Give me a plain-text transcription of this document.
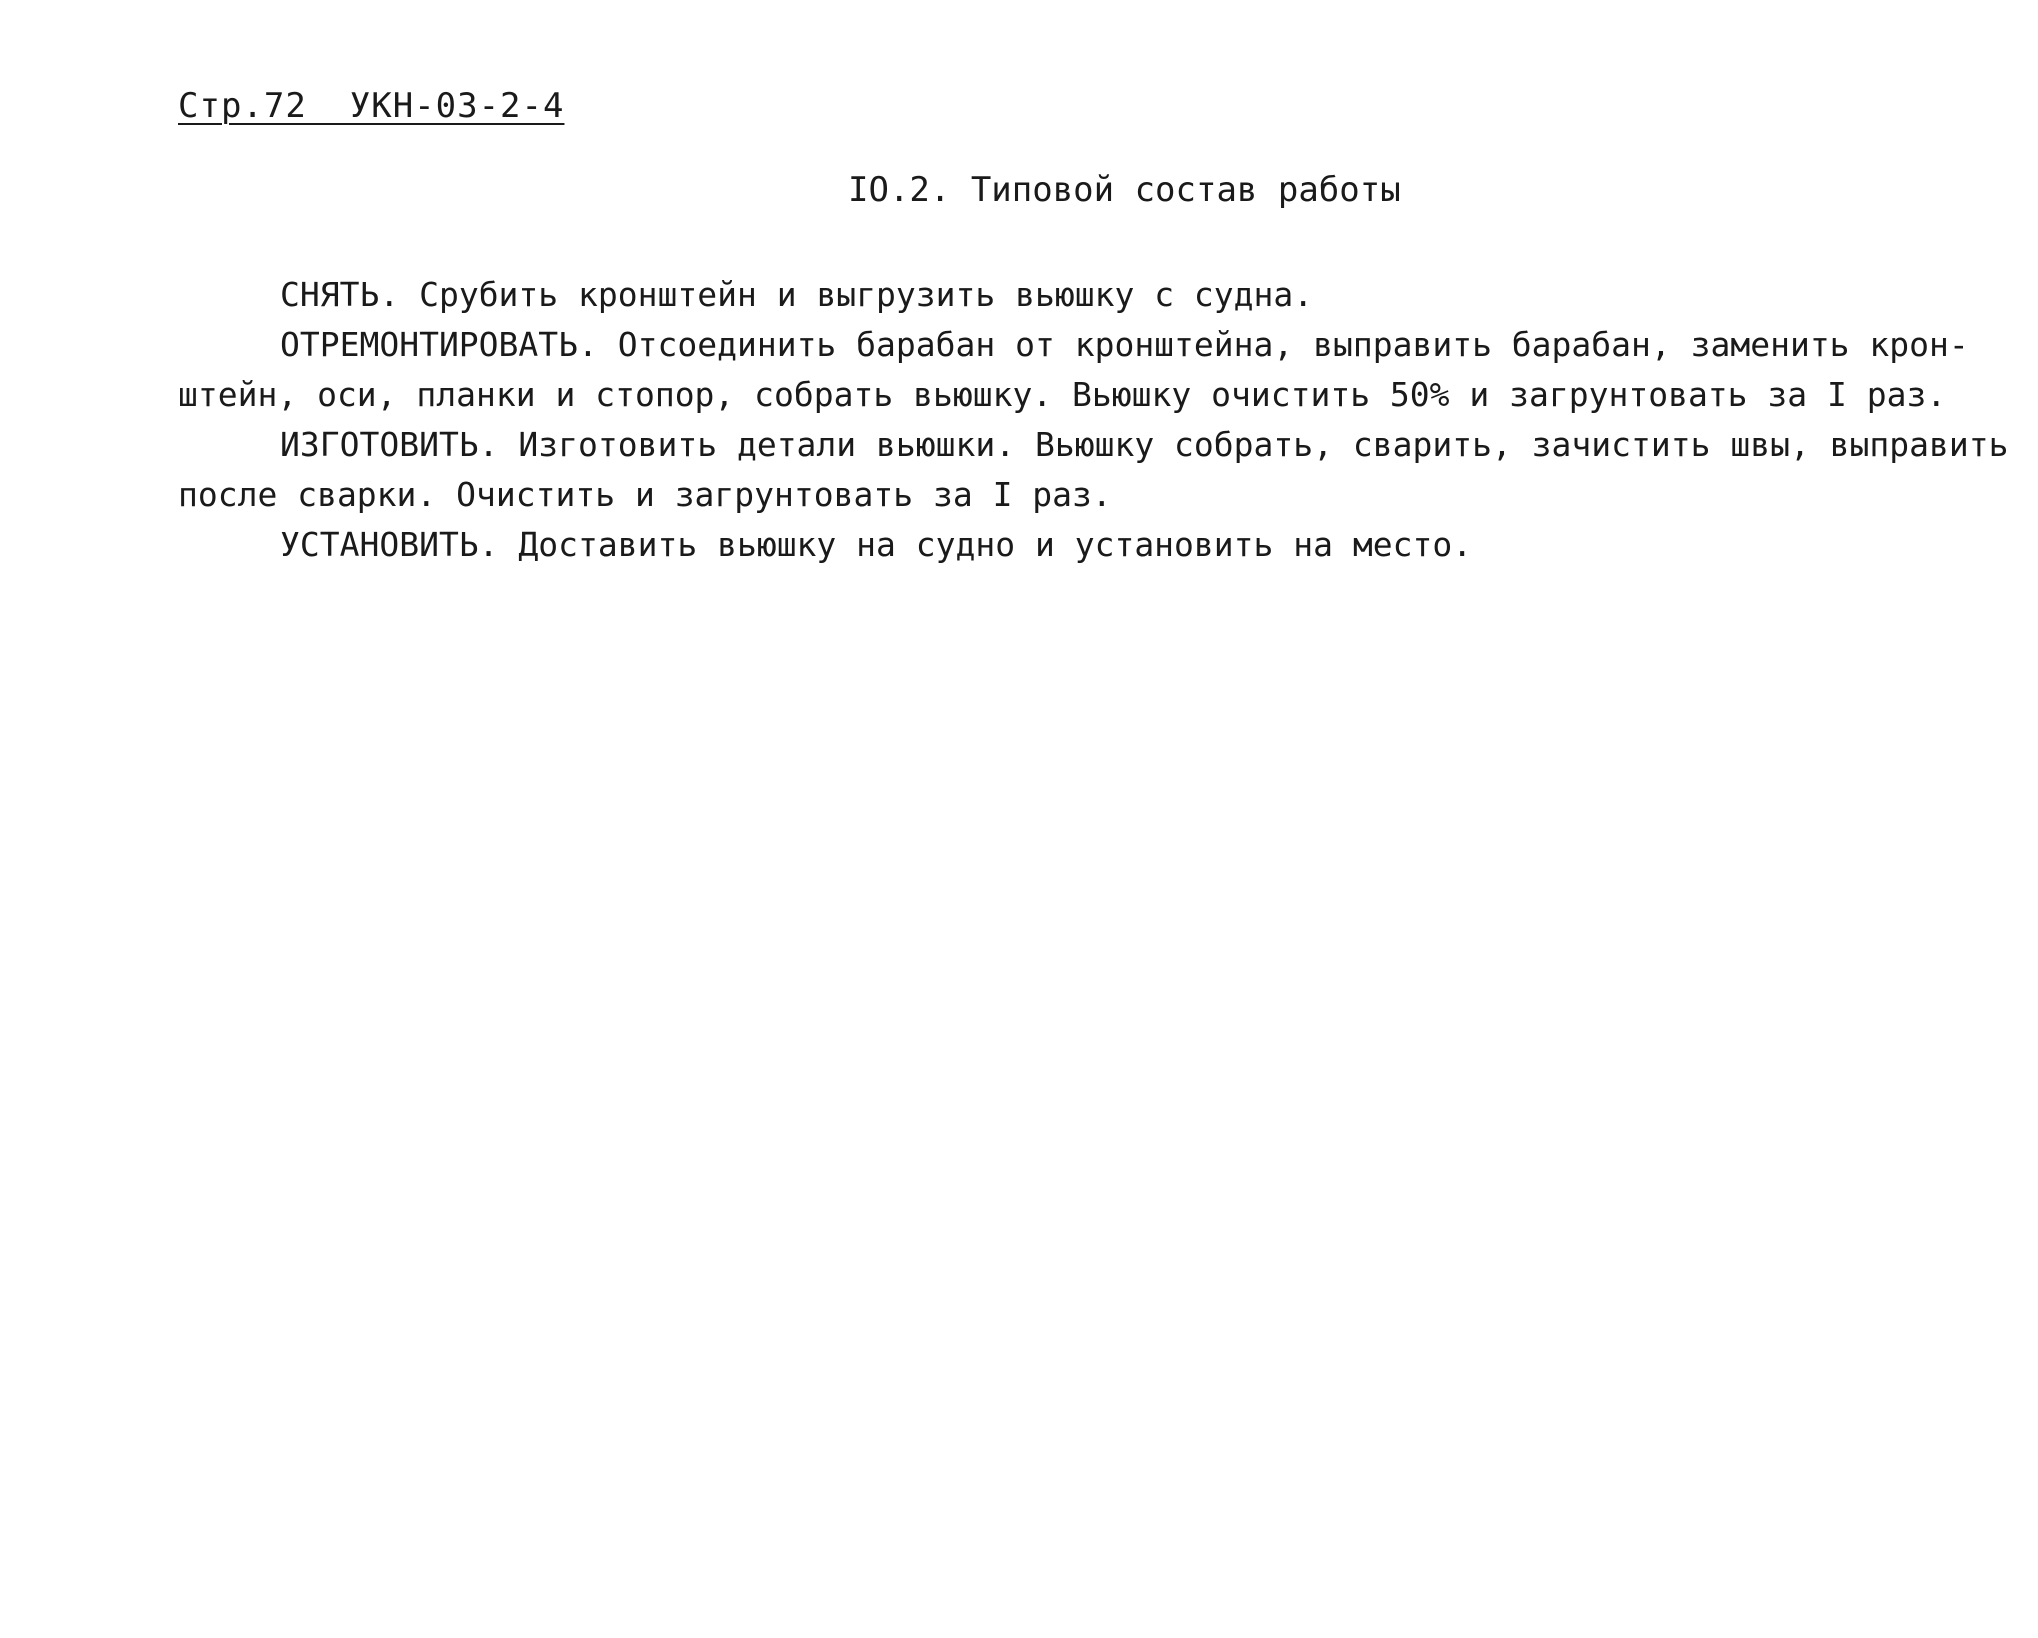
Стр.72  УКН-03-2-4
IO.2. Типовой состав работы

СНЯТЬ. Срубить кронштейн и выгрузить вьюшку с судна.

ОТРЕМОНТИРОВАТЬ. Отсоединить барабан от кронштейна, выправить барабан, заменить крон-
штейн, оси, планки и стопор, собрать вьюшку. Вьюшку очистить 50% и загрунтовать за I раз.

ИЗГОТОВИТЬ. Изготовить детали вьюшки. Вьюшку собрать, сварить, зачистить швы, выправить
после сварки. Очистить и загрунтовать за I раз.

УСТАНОВИТЬ. Доставить вьюшку на судно и установить на место.
